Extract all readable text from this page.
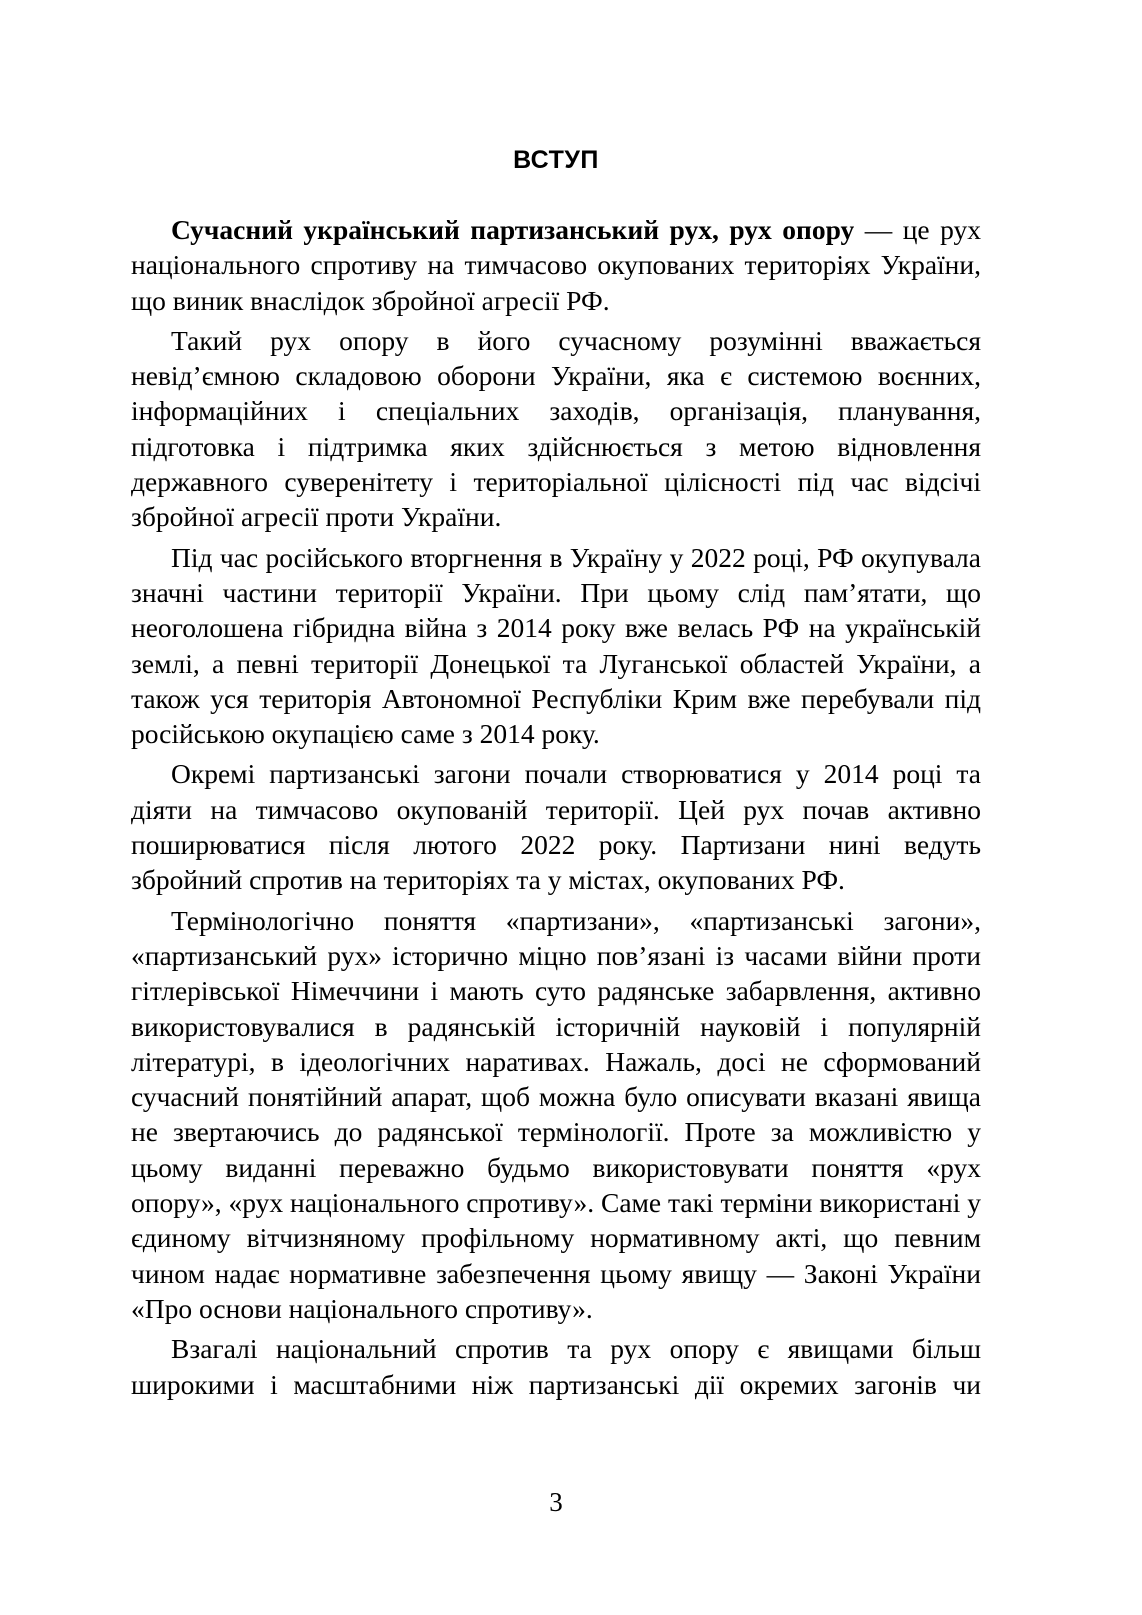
ВСТУП

Сучасний український партизанський рух, рух опору — це рух національного спротиву на тимчасово окупованих територіях України, що виник внаслідок збройної агресії РФ.

Такий рух опору в його сучасному розумінні вважається невід’ємною складовою оборони України, яка є системою воєнних, інформаційних і спеціальних заходів, організація, планування, підготовка і підтримка яких здійснюється з метою відновлення державного суверенітету і територіальної цілісності під час відсічі збройної агресії проти України.

Під час російського вторгнення в Україну у 2022 році, РФ окупувала значні частини території України. При цьому слід пам’ятати, що неоголошена гібридна війна з 2014 року вже велась РФ на українській землі, а певні території Донецької та Луганської областей України, а також уся територія Автономної Республіки Крим вже перебували під російською окупацією саме з 2014 року.

Окремі партизанські загони почали створюватися у 2014 році та діяти на тимчасово окупованій території. Цей рух почав активно поширюватися після лютого 2022 року. Партизани нині ведуть збройний спротив на територіях та у містах, окупованих РФ.

Термінологічно поняття «партизани», «партизанські загони», «партизанський рух» історично міцно пов’язані із часами війни проти гітлерівської Німеччини і мають суто радянське забарвлення, активно використовувалися в радянській історичній науковій і популярній літературі, в ідеологічних наративах. Нажаль, досі не сформований сучасний понятійний апарат, щоб можна було описувати вказані явища не звертаючись до радянської термінології. Проте за можливістю у цьому виданні переважно будьмо використовувати поняття «рух опору», «рух національного спротиву». Саме такі терміни використані у єдиному вітчизняному профільному нормативному акті, що певним чином надає нормативне забезпечення цьому явищу — Законі України «Про основи національного спротиву».

Взагалі національний спротив та рух опору є явищами більш широкими і масштабними ніж партизанські дії окремих загонів чи

3
